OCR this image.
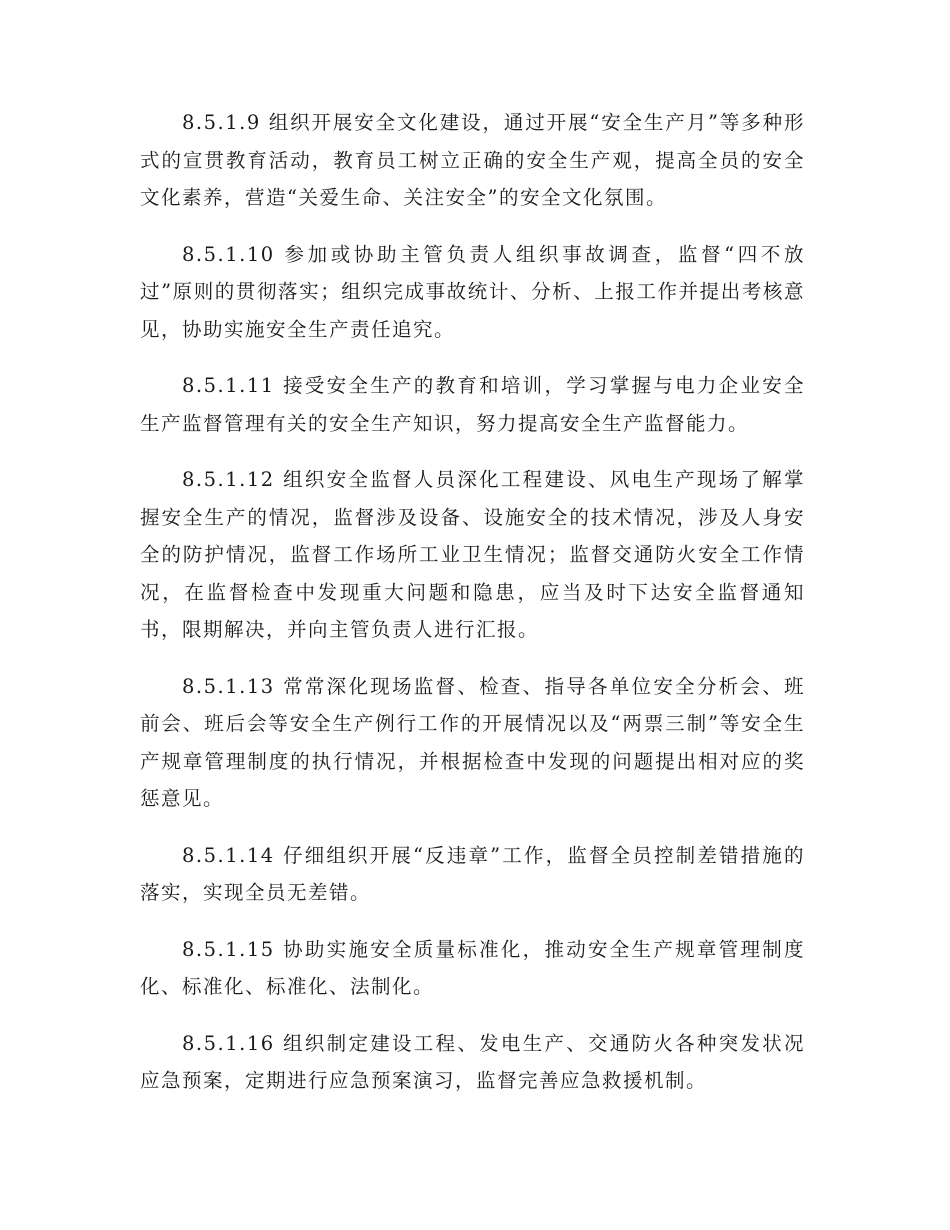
8.5.1.9 组织开展安全文化建设，通过开展“安全生产月”等多种形式的宣贯教育活动，教育员工树立正确的安全生产观，提高全员的安全文化素养，营造“关爱生命、关注安全”的安全文化氛围。

8.5.1.10 参加或协助主管负责人组织事故调查，监督“四不放过”原则的贯彻落实；组织完成事故统计、分析、上报工作并提出考核意见，协助实施安全生产责任追究。

8.5.1.11 接受安全生产的教育和培训，学习掌握与电力企业安全生产监督管理有关的安全生产知识，努力提高安全生产监督能力。

8.5.1.12 组织安全监督人员深化工程建设、风电生产现场了解掌握安全生产的情况，监督涉及设备、设施安全的技术情况，涉及人身安全的防护情况，监督工作场所工业卫生情况；监督交通防火安全工作情况，在监督检查中发现重大问题和隐患，应当及时下达安全监督通知书，限期解决，并向主管负责人进行汇报。

8.5.1.13 常常深化现场监督、检查、指导各单位安全分析会、班前会、班后会等安全生产例行工作的开展情况以及“两票三制”等安全生产规章管理制度的执行情况，并根据检查中发现的问题提出相对应的奖惩意见。

8.5.1.14 仔细组织开展“反违章”工作，监督全员控制差错措施的落实，实现全员无差错。

8.5.1.15 协助实施安全质量标准化，推动安全生产规章管理制度化、标准化、标准化、法制化。

8.5.1.16 组织制定建设工程、发电生产、交通防火各种突发状况应急预案，定期进行应急预案演习，监督完善应急救援机制。
